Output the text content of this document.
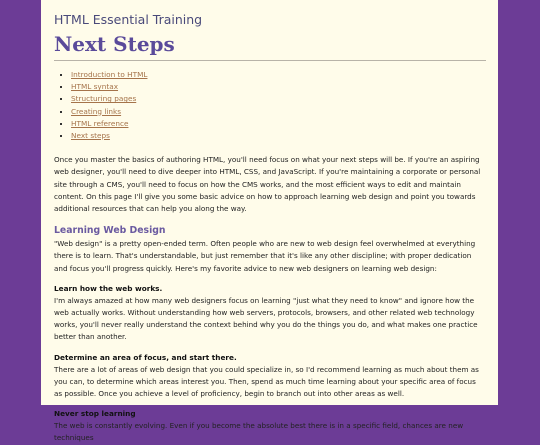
HTML Essential Training
Next Steps
▪ Introduction to HTML
▪ HTML syntax
▪ Structuring pages
▪ Creating links
▪ HTML reference
▪ Next steps

Once you master the basics of authoring HTML, you'll need focus on what your next steps will be. If you're an aspiring web designer, you'll need to dive deeper into HTML, CSS, and JavaScript. If you're maintaining a corporate or personal site through a CMS, you'll need to focus on how the CMS works, and the most efficient ways to edit and maintain content. On this page I'll give you some basic advice on how to approach learning web design and point you towards additional resources that can help you along the way.

Learning Web Design

"Web design" is a pretty open-ended term. Often people who are new to web design feel overwhelmed at everything there is to learn. That's understandable, but just remember that it's like any other discipline; with proper dedication and focus you'll progress quickly. Here's my favorite advice to new web designers on learning web design:

Learn how the web works.

I'm always amazed at how many web designers focus on learning "just what they need to know" and ignore how the web actually works. Without understanding how web servers, protocols, browsers, and other related web technology works, you'll never really understand the context behind why you do the things you do, and what makes one practice better than another.

Determine an area of focus, and start there.

There are a lot of areas of web design that you could specialize in, so I'd recommend learning as much about them as you can, to determine which areas interest you. Then, spend as much time learning about your specific area of focus as possible. Once you achieve a level of proficiency, begin to branch out into other areas as well.

Never stop learning

The web is constantly evolving. Even if you become the absolute best there is in a specific field, chances are new techniques
